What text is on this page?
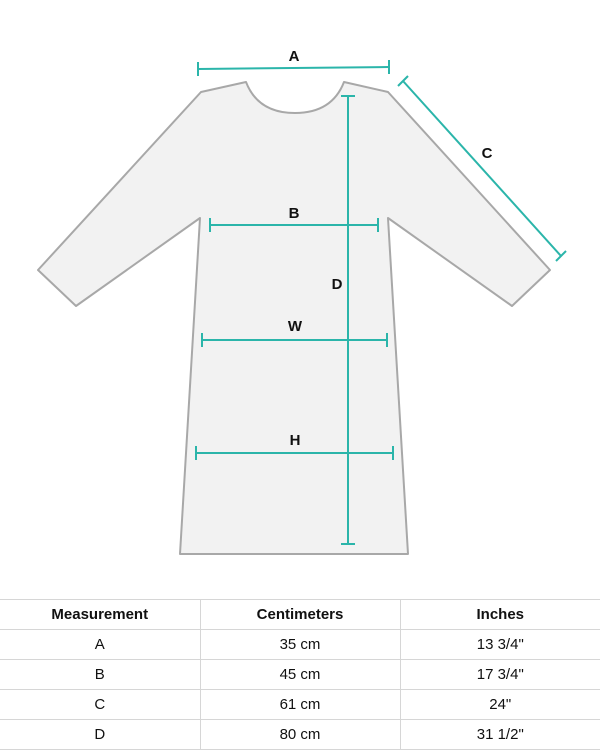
A
B
C
D
W
H
Measurement	Centimeters	Inches
A	35 cm	13 3/4"
B	45 cm	17 3/4"
C	61 cm	24"
D	80 cm	31 1/2"
